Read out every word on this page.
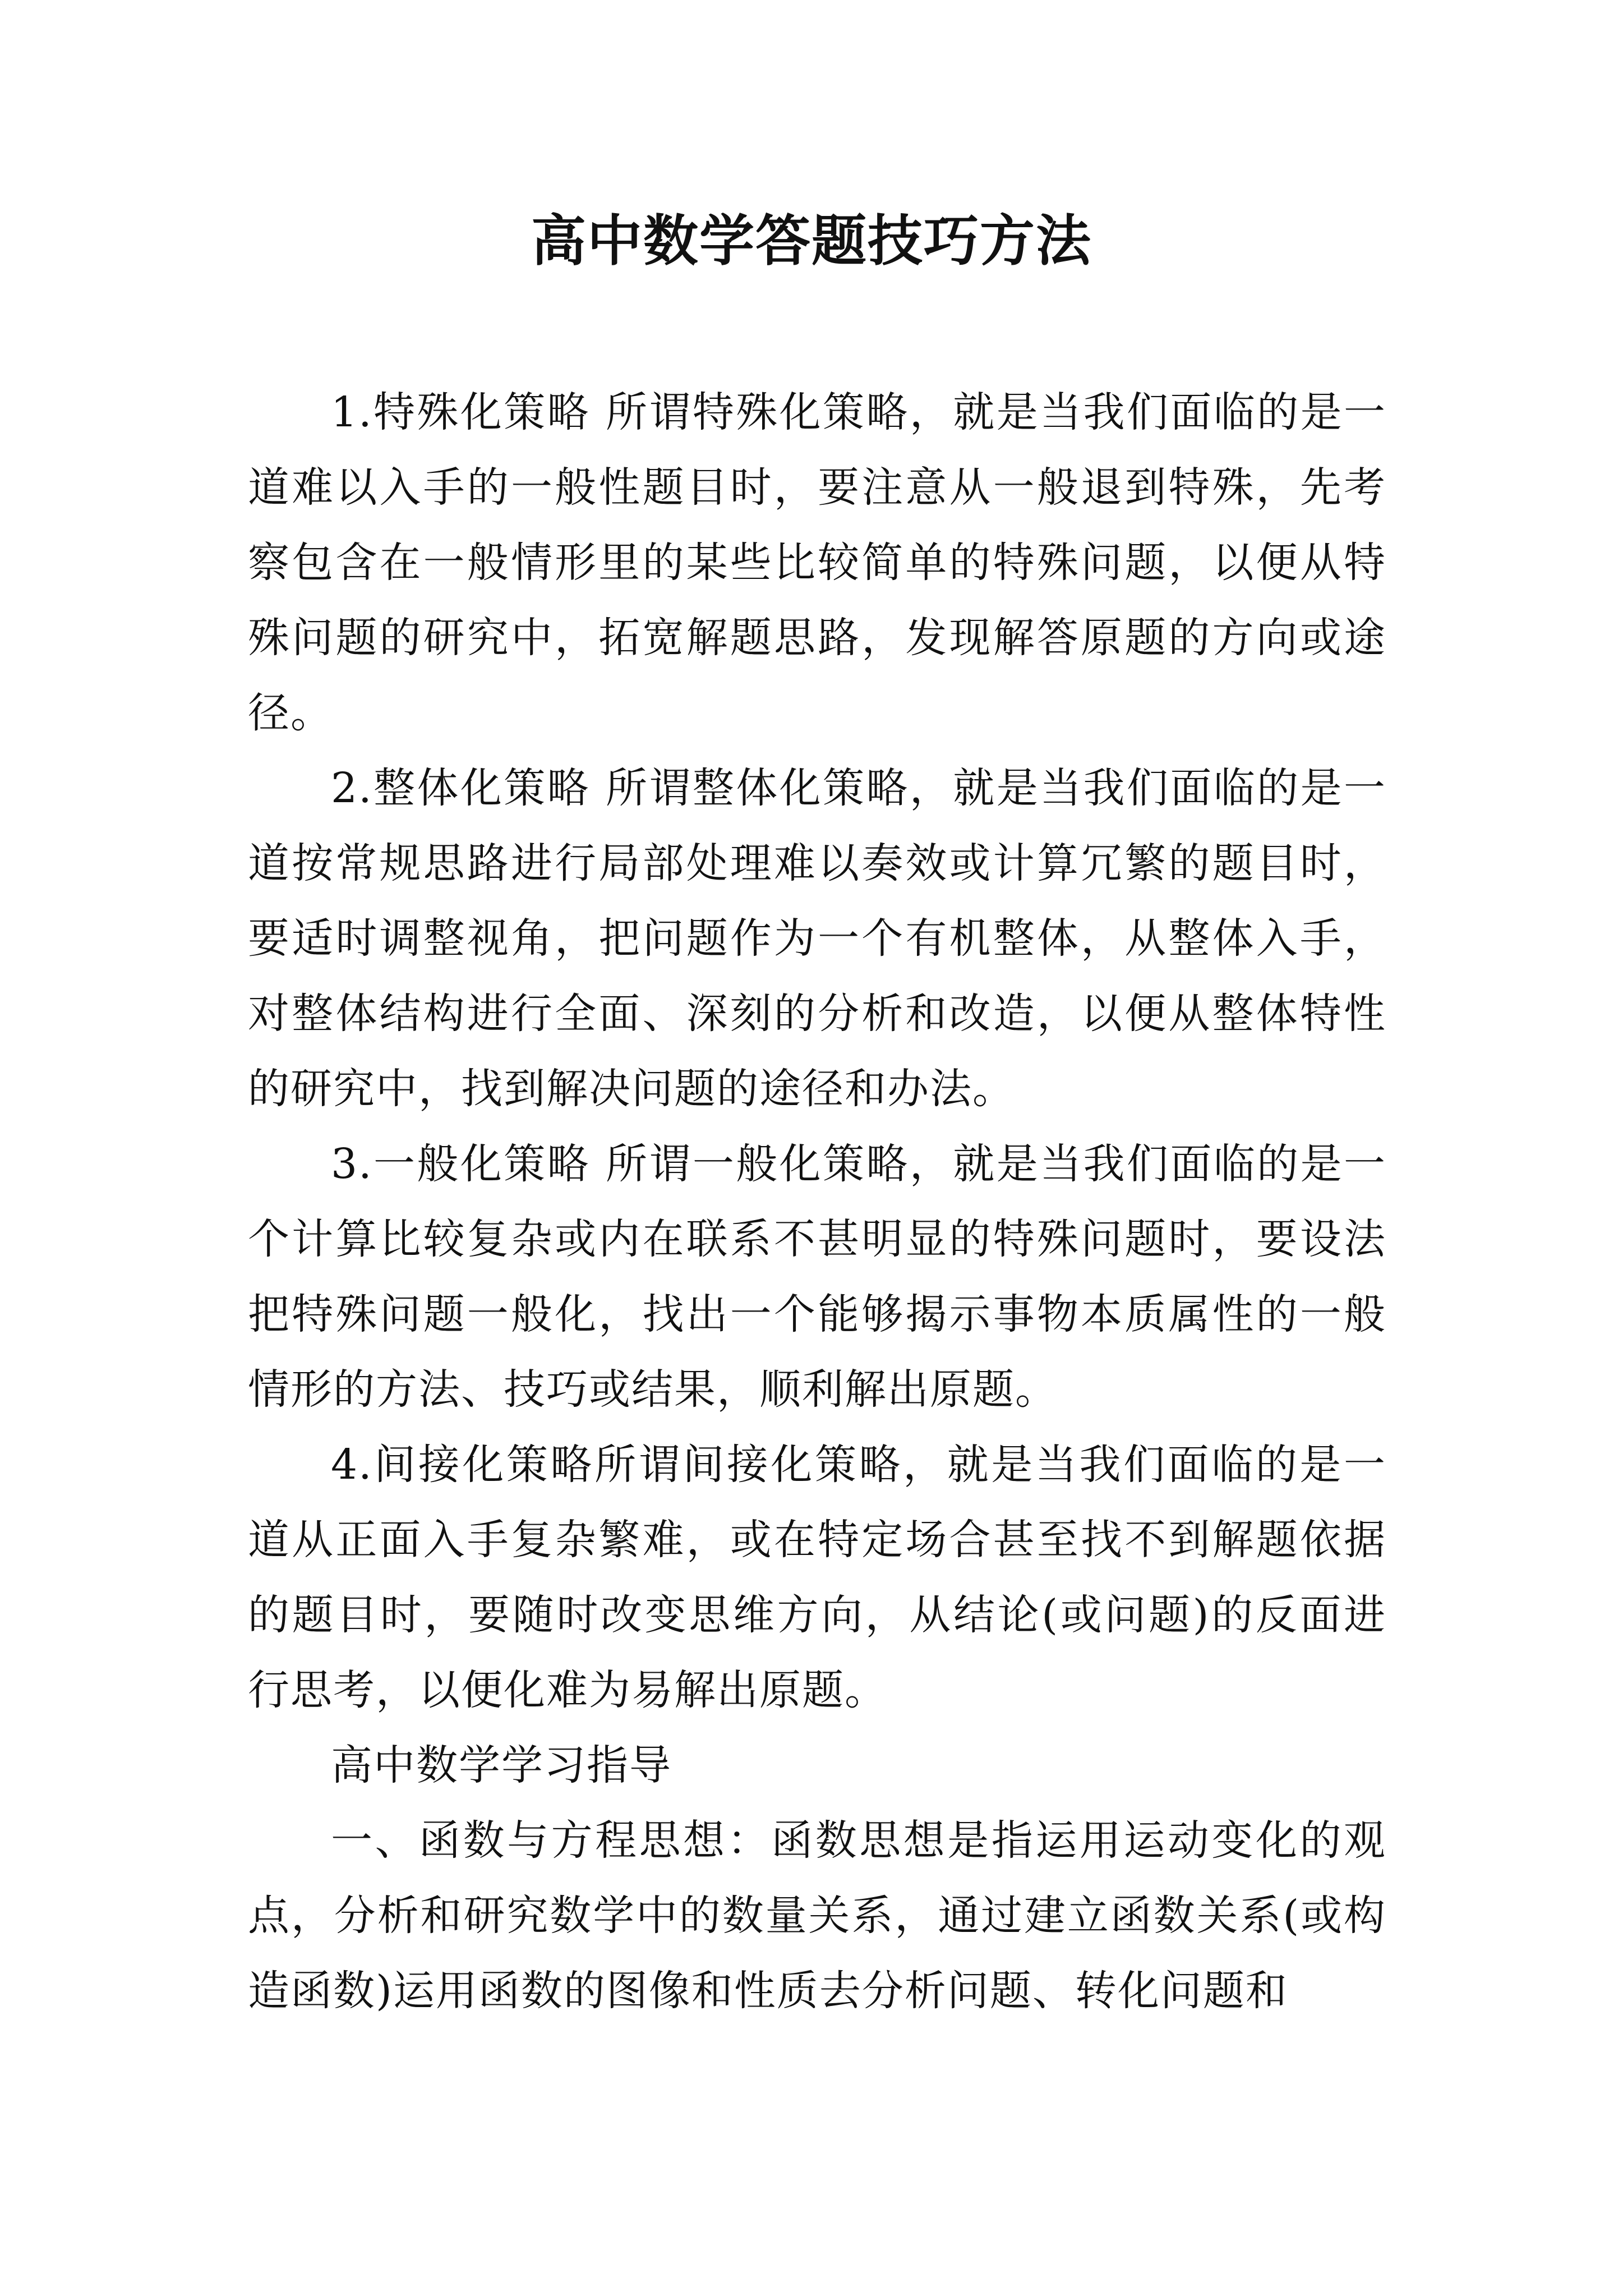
高中数学答题技巧方法

1.特殊化策略 所谓特殊化策略，就是当我们面临的是一道难以入手的一般性题目时，要注意从一般退到特殊，先考察包含在一般情形里的某些比较简单的特殊问题，以便从特殊问题的研究中，拓宽解题思路，发现解答原题的方向或途径。

2.整体化策略 所谓整体化策略，就是当我们面临的是一道按常规思路进行局部处理难以奏效或计算冗繁的题目时，要适时调整视角，把问题作为一个有机整体，从整体入手，对整体结构进行全面、深刻的分析和改造，以便从整体特性的研究中，找到解决问题的途径和办法。

3.一般化策略 所谓一般化策略，就是当我们面临的是一个计算比较复杂或内在联系不甚明显的特殊问题时，要设法把特殊问题一般化，找出一个能够揭示事物本质属性的一般情形的方法、技巧或结果，顺利解出原题。

4.间接化策略所谓间接化策略，就是当我们面临的是一道从正面入手复杂繁难，或在特定场合甚至找不到解题依据的题目时，要随时改变思维方向，从结论(或问题)的反面进行思考，以便化难为易解出原题。

高中数学学习指导

一、函数与方程思想：函数思想是指运用运动变化的观点，分析和研究数学中的数量关系，通过建立函数关系(或构造函数)运用函数的图像和性质去分析问题、转化问题和
